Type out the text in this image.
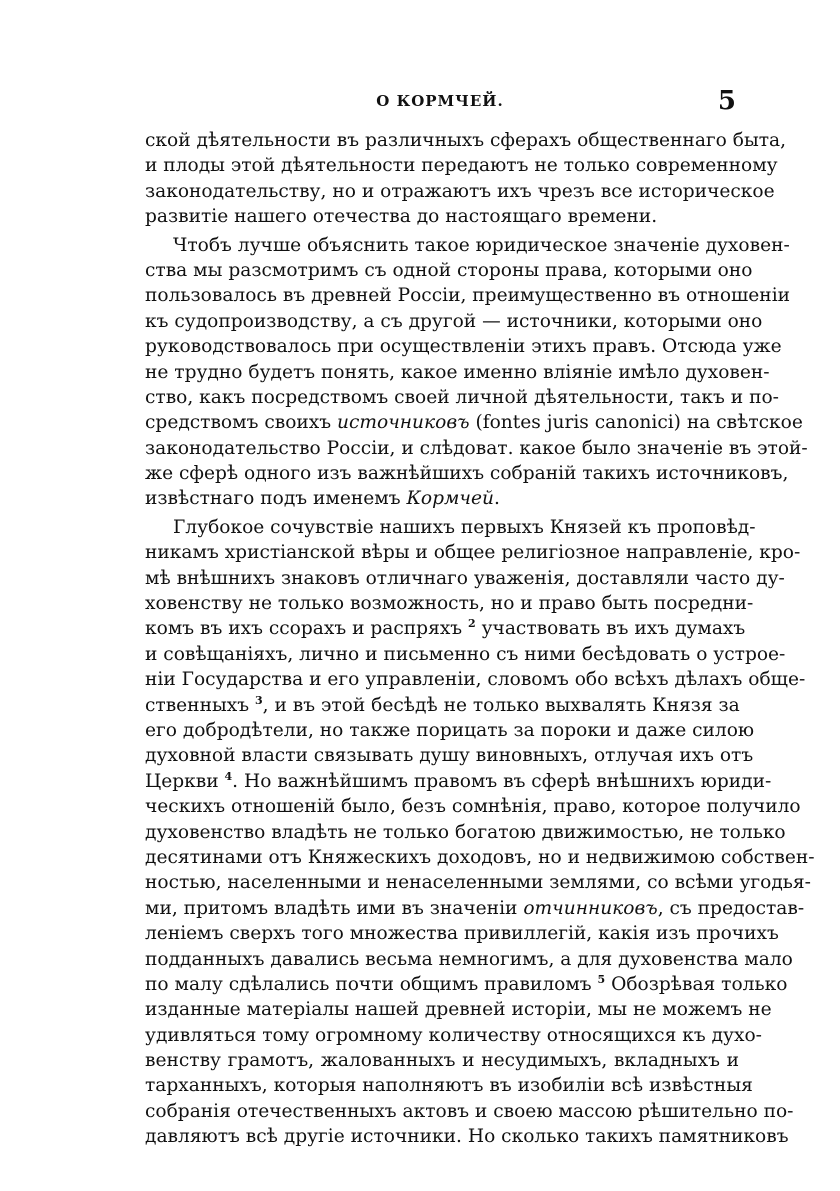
О КОРМЧЕЙ.	5
ской дѣятельности въ различныхъ сферахъ общественнаго быта,
и плоды этой дѣятельности передаютъ не только современному
законодательству, но и отражаютъ ихъ чрезъ все историческое
развитіе нашего отечества до настоящаго времени.
Чтобъ лучше объяснить такое юридическое значеніе духовен-
ства мы разсмотримъ съ одной стороны права, которыми оно
пользовалось въ древней Россіи, преимущественно въ отношеніи
къ судопроизводству, а съ другой — источники, которыми оно
руководствовалось при осуществленіи этихъ правъ. Отсюда уже
не трудно будетъ понять, какое именно вліяніе имѣло духовен-
ство, какъ посредствомъ своей личной дѣятельности, такъ и по-
средствомъ своихъ источниковъ (fontes juris canonici) на свѣтское
законодательство Россіи, и слѣдоват. какое было значеніе въ этой-
же сферѣ одного изъ важнѣйшихъ собраній такихъ источниковъ,
извѣстнаго подъ именемъ Кормчей.
Глубокое сочувствіе нашихъ первыхъ Князей къ проповѣд-
никамъ христіанской вѣры и общее религіозное направленіе, кро-
мѣ внѣшнихъ знаковъ отличнаго уваженія, доставляли часто ду-
ховенству не только возможность, но и право быть посредни-
комъ въ ихъ ссорахъ и распряхъ $^2$ участвовать въ ихъ думахъ
и совѣщаніяхъ, лично и письменно съ ними бесѣдовать о устрое-
ніи Государства и его управленіи, словомъ обо всѣхъ дѣлахъ обще-
ственныхъ $^3$, и въ этой бесѣдѣ не только выхвалять Князя за
его добродѣтели, но также порицать за пороки и даже силою
духовной власти связывать душу виновныхъ, отлучая ихъ отъ
Церкви $^4$. Но важнѣйшимъ правомъ въ сферѣ внѣшнихъ юриди-
ческихъ отношеній было, безъ сомнѣнія, право, которое получило
духовенство владѣть не только богатою движимостью, не только
десятинами отъ Княжескихъ доходовъ, но и недвижимою собствен-
ностью, населенными и ненаселенными землями, со всѣми угодья-
ми, притомъ владѣть ими въ значеніи отчинниковъ, съ предостав-
леніемъ сверхъ того множества привиллегій, какія изъ прочихъ
подданныхъ давались весьма немногимъ, а для духовенства мало
по малу сдѣлались почти общимъ правиломъ $^5$ Обозрѣвая только
изданные матеріалы нашей древней исторіи, мы не можемъ не
удивляться тому огромному количеству относящихся къ духо-
венству грамотъ, жалованныхъ и несудимыхъ, вкладныхъ и
тарханныхъ, которыя наполняютъ въ изобиліи всѣ извѣстныя
собранія отечественныхъ актовъ и своею массою рѣшительно по-
давляютъ всѣ другіе источники. Но сколько такихъ памятниковъ
